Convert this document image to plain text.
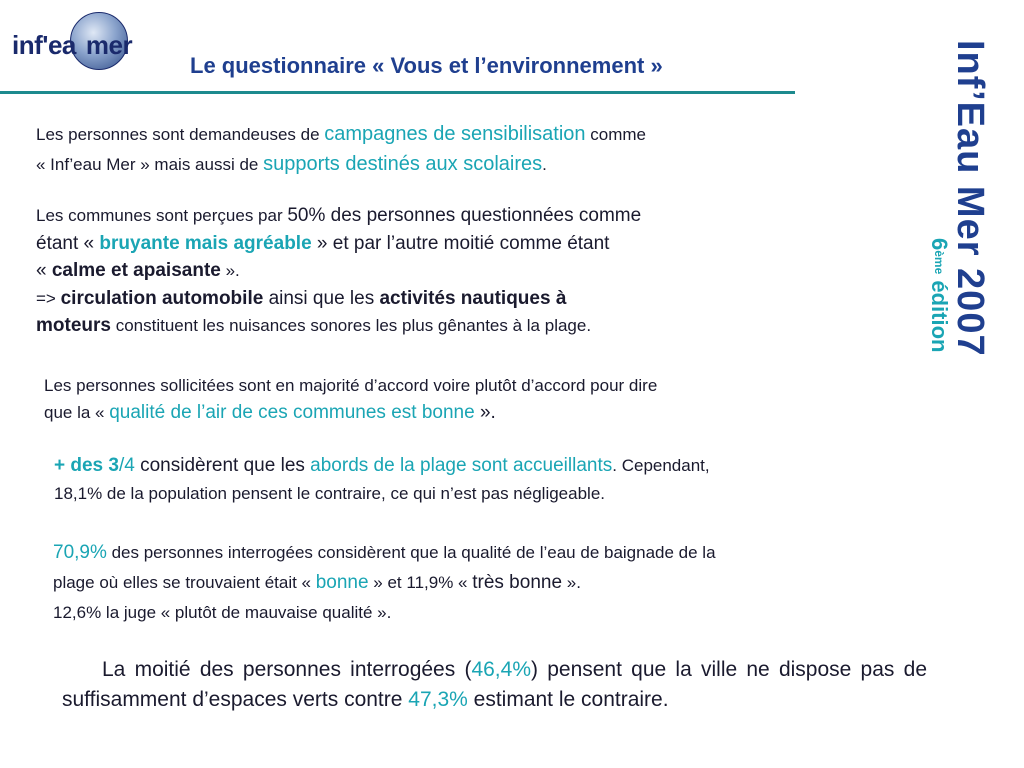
inf'ea mer
Le questionnaire « Vous et l’environnement »	Inf’Eau Mer 2007
6ème édition
Les personnes sont demandeuses de campagnes de sensibilisation comme
« Inf’eau Mer » mais aussi de supports destinés aux scolaires.
Les communes sont perçues par 50% des personnes questionnées comme
étant « bruyante mais agréable » et par l’autre moitié comme étant
« calme et apaisante ».
=> circulation automobile ainsi que les activités nautiques à
moteurs constituent les nuisances sonores les plus gênantes à la plage.
Les personnes sollicitées sont en majorité d’accord voire plutôt d’accord pour dire
que la « qualité de l’air de ces communes est bonne ».
+ des 3/4 considèrent que les abords de la plage sont accueillants. Cependant,
18,1% de la population pensent le contraire, ce qui n’est pas négligeable.
70,9% des personnes interrogées considèrent que la qualité de l’eau de baignade de la
plage où elles se trouvaient était « bonne » et 11,9% « très bonne ».
12,6% la juge « plutôt de mauvaise qualité ».
La moitié des personnes interrogées (46,4%) pensent que la ville ne dispose pas de suffisamment d’espaces verts contre 47,3% estimant le contraire.
